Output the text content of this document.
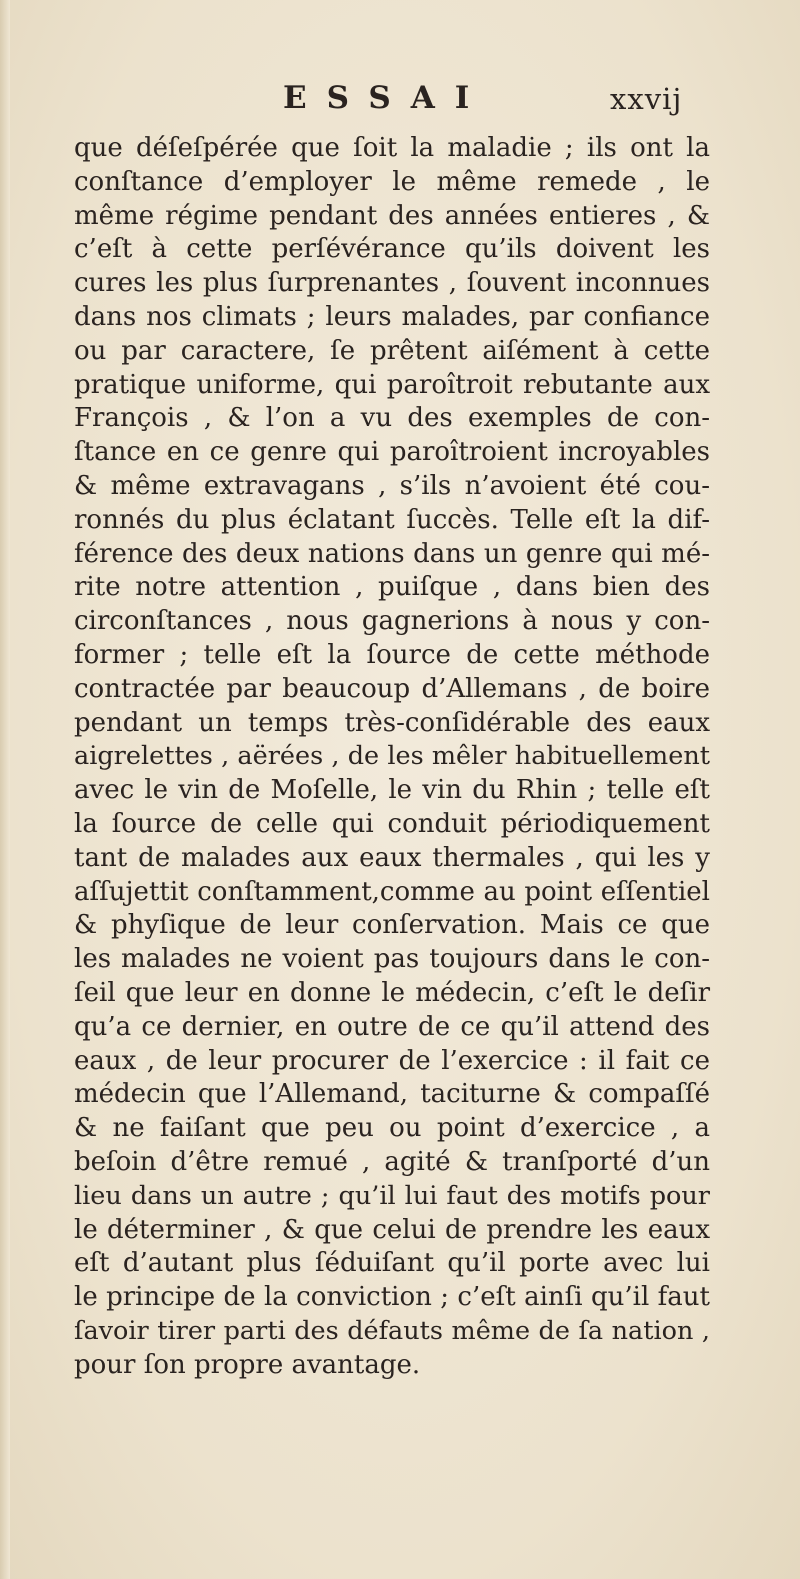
ESSAI	xxvij
que déſeſpérée que ſoit la maladie ; ils ont la
conſtance d’employer le même remede , le
même régime pendant des années entieres , &
c’eſt à cette perſévérance qu’ils doivent les
cures les plus ſurprenantes , ſouvent inconnues
dans nos climats ; leurs malades, par confiance
ou par caractere, ſe prêtent aiſément à cette
pratique uniforme, qui paroîtroit rebutante aux
François , & l’on a vu des exemples de con-
ſtance en ce genre qui paroîtroient incroyables
& même extravagans , s’ils n’avoient été cou-
ronnés du plus éclatant ſuccès. Telle eſt la dif-
férence des deux nations dans un genre qui mé-
rite notre attention , puiſque , dans bien des
circonſtances , nous gagnerions à nous y con-
former ; telle eſt la ſource de cette méthode
contractée par beaucoup d’Allemans , de boire
pendant un temps très-conſidérable des eaux
aigrelettes , aërées , de les mêler habituellement
avec le vin de Moſelle, le vin du Rhin ; telle eſt
la ſource de celle qui conduit périodiquement
tant de malades aux eaux thermales , qui les y
aſſujettit conſtamment,comme au point eſſentiel
& phyſique de leur conſervation. Mais ce que
les malades ne voient pas toujours dans le con-
ſeil que leur en donne le médecin, c’eſt le deſir
qu’a ce dernier, en outre de ce qu’il attend des
eaux , de leur procurer de l’exercice : il fait ce
médecin que l’Allemand, taciturne & compaſſé
& ne faiſant que peu ou point d’exercice , a
beſoin d’être remué , agité & tranſporté d’un
lieu dans un autre ; qu’il lui faut des motifs pour
le déterminer , & que celui de prendre les eaux
eſt d’autant plus ſéduiſant qu’il porte avec lui
le principe de la conviction ; c’eſt ainſi qu’il faut
ſavoir tirer parti des défauts même de ſa nation ,
pour ſon propre avantage.
